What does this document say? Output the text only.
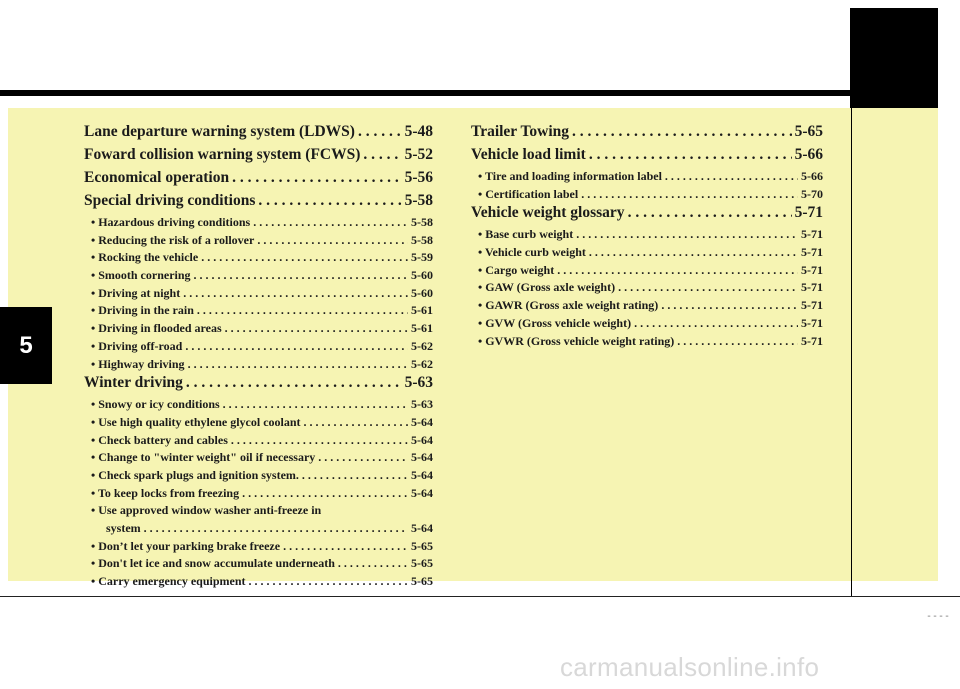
5
Lane departure warning system (LDWS) . . .	5-48
Foward collision warning system (FCWS) . . .	5-52
Economical operation . . .	5-56
Special driving conditions . . .	5-58
• Hazardous driving conditions . . .	5-58
• Reducing the risk of a rollover . . .	5-58
• Rocking the vehicle . . .	5-59
• Smooth cornering . . .	5-60
• Driving at night . . .	5-60
• Driving in the rain . . .	5-61
• Driving in flooded areas . . .	5-61
• Driving off-road . . .	5-62
• Highway driving . . .	5-62
Winter driving . . .	5-63
• Snowy or icy conditions . . .	5-63
• Use high quality ethylene glycol coolant . . .	5-64
• Check battery and cables . . .	5-64
• Change to "winter weight" oil if necessary . . .	5-64
• Check spark plugs and ignition system. . . .	5-64
• To keep locks from freezing . . .	5-64
• Use approved window washer anti-freeze in
system . . .	5-64
• Don’t let your parking brake freeze . . .	5-65
• Don't let ice and snow accumulate underneath . . .	5-65
• Carry emergency equipment . . .	5-65
Trailer Towing . . .	5-65
Vehicle load limit . . .	5-66
• Tire and loading information label . . .	5-66
• Certification label . . .	5-70
Vehicle weight glossary . . .	5-71
• Base curb weight . . .	5-71
• Vehicle curb weight . . .	5-71
• Cargo weight . . .	5-71
• GAW (Gross axle weight) . . .	5-71
• GAWR (Gross axle weight rating) . . .	5-71
• GVW (Gross vehicle weight) . . .	5-71
• GVWR (Gross vehicle weight rating) . . .	5-71
----
carmanualsonline.info
